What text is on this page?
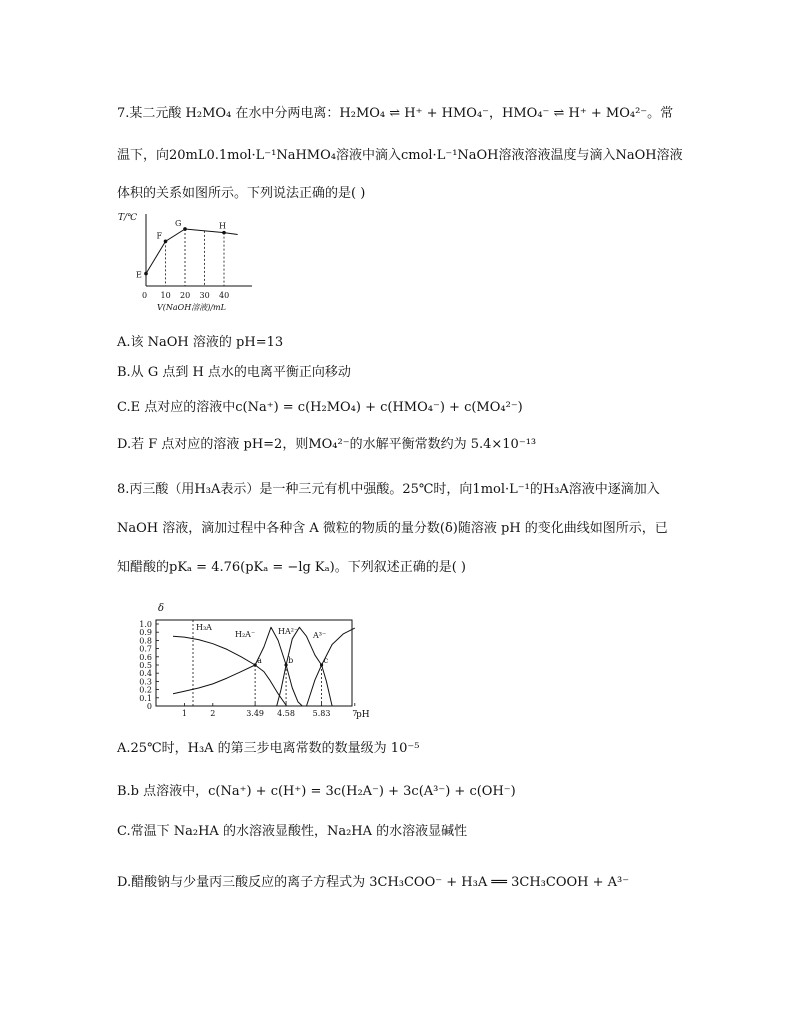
7.某二元酸 H₂MO₄ 在水中分两电离：H₂MO₄ ⇌ H⁺ + HMO₄⁻，HMO₄⁻ ⇌ H⁺ + MO₄²⁻。常
温下，向20mL0.1mol·L⁻¹NaHMO₄溶液中滴入cmol·L⁻¹NaOH溶液溶液温度与滴入NaOH溶液
体积的关系如图所示。下列说法正确的是( )
T/℃
V(NaOH溶液)/mL
0 10 20 30 40
E
F
G	H
A.该 NaOH 溶液的 pH=13
B.从 G 点到 H 点水的电离平衡正向移动
C.E 点对应的溶液中c(Na⁺) = c(H₂MO₄) + c(HMO₄⁻) + c(MO₄²⁻)
D.若 F 点对应的溶液 pH=2，则MO₄²⁻的水解平衡常数约为 5.4×10⁻¹³
8.丙三酸（用H₃A表示）是一种三元有机中强酸。25℃时，向1mol·L⁻¹的H₃A溶液中逐滴加入
NaOH 溶液，滴加过程中各种含 A 微粒的物质的量分数(δ)随溶液 pH 的变化曲线如图所示，已
知醋酸的pKₐ = 4.76(pKₐ = −lg Kₐ)。下列叙述正确的是( )
δ
pH
0
0.1
0.2
0.3
0.4
0.5
0.6
0.7
0.8
0.9
1.0
1	2	3.49 4.58 5.83	7
a	b	c
H₃A
H₂A⁻	HA²⁻ A³⁻
A.25℃时，H₃A 的第三步电离常数的数量级为 10⁻⁵
B.b 点溶液中，c(Na⁺) + c(H⁺) = 3c(H₂A⁻) + 3c(A³⁻) + c(OH⁻)
C.常温下 Na₂HA 的水溶液显酸性，Na₂HA 的水溶液显碱性
D.醋酸钠与少量丙三酸反应的离子方程式为 3CH₃COO⁻ + H₃A ══ 3CH₃COOH + A³⁻
